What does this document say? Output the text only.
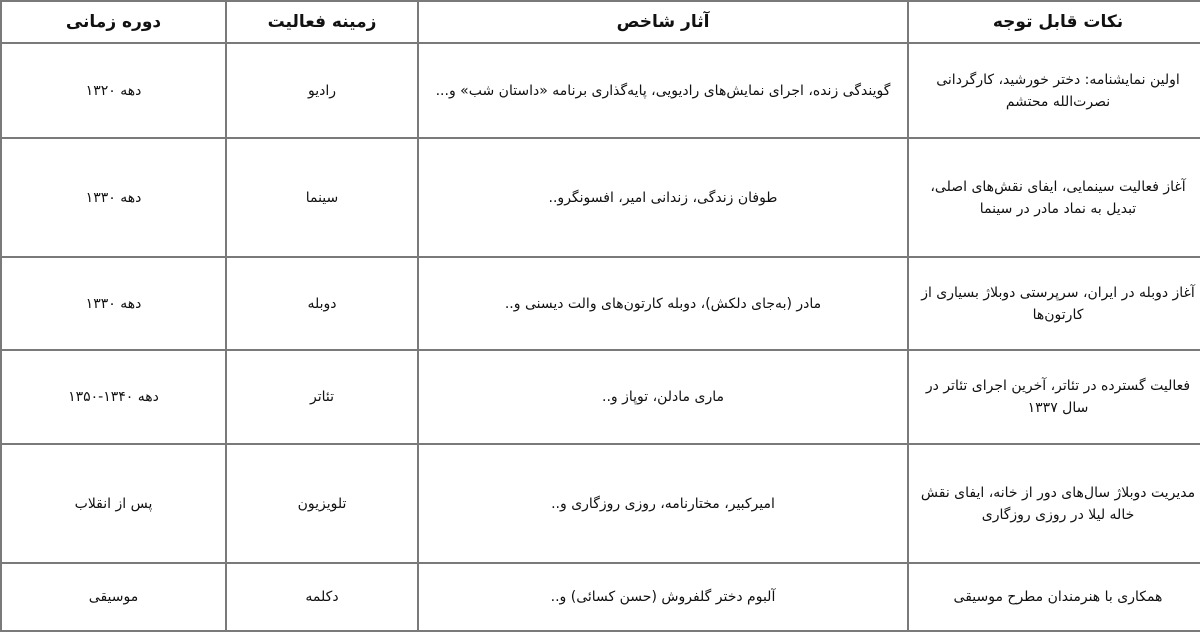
نکات قابل توجه	آثار شاخص	زمینه فعالیت	دوره زمانی
اولین نمایشنامه: دختر خورشید، کارگردانی نصرت‌الله محتشم	گویندگی زنده، اجرای نمایش‌های رادیویی، پایه‌گذاری برنامه «داستان شب» و...	رادیو	دهه ۱۳۲۰
آغاز فعالیت سینمایی، ایفای نقش‌های اصلی، تبدیل به نماد مادر در سینما	طوفان زندگی، زندانی امیر، افسونگرو..	سینما	دهه ۱۳۳۰
آغاز دوبله در ایران، سرپرستی دوبلاژ بسیاری از کارتون‌ها	مادر (به‌جای دلکش)، دوبله کارتون‌های والت دیسنی و..	دوبله	دهه ۱۳۳۰
فعالیت گسترده در تئاتر، آخرین اجرای تئاتر در سال ۱۳۳۷	ماری مادلن، توپاز و..	تئاتر	دهه ۱۳۴۰-۱۳۵۰
مدیریت دوبلاژ سال‌های دور از خانه، ایفای نقش خاله لیلا در روزی روزگاری	امیرکبیر، مختارنامه، روزی روزگاری و..	تلویزیون	پس از انقلاب
همکاری با هنرمندان مطرح موسیقی	آلبوم دختر گلفروش (حسن کسائی) و..	دکلمه	موسیقی
